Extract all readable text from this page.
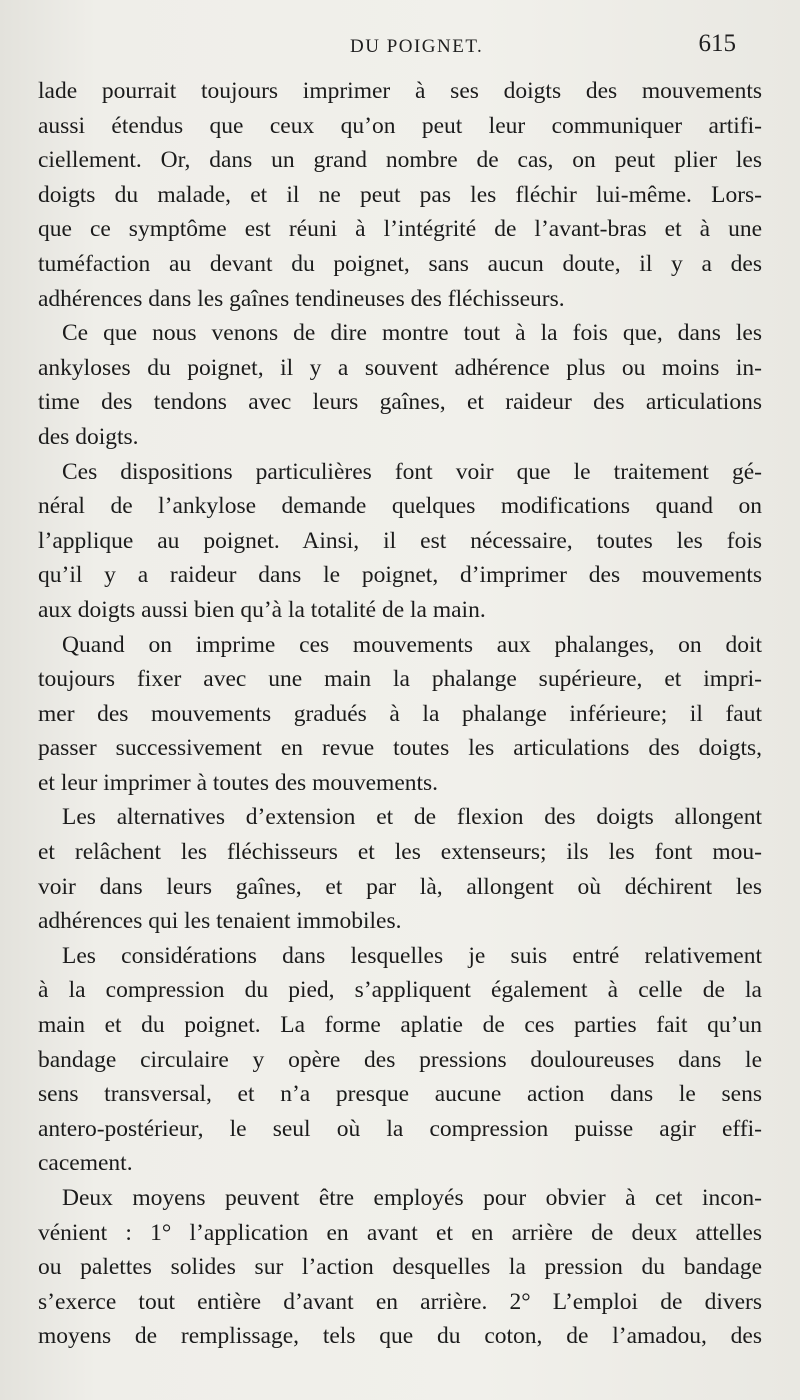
DU POIGNET.	615
lade pourrait toujours imprimer à ses doigts des mouvements
aussi étendus que ceux qu’on peut leur communiquer artifi-
ciellement. Or, dans un grand nombre de cas, on peut plier les
doigts du malade, et il ne peut pas les fléchir lui-même. Lors-
que ce symptôme est réuni à l’intégrité de l’avant-bras et à une
tuméfaction au devant du poignet, sans aucun doute, il y a des
adhérences dans les gaînes tendineuses des fléchisseurs.
Ce que nous venons de dire montre tout à la fois que, dans les
ankyloses du poignet, il y a souvent adhérence plus ou moins in-
time des tendons avec leurs gaînes, et raideur des articulations
des doigts.
Ces dispositions particulières font voir que le traitement gé-
néral de l’ankylose demande quelques modifications quand on
l’applique au poignet. Ainsi, il est nécessaire, toutes les fois
qu’il y a raideur dans le poignet, d’imprimer des mouvements
aux doigts aussi bien qu’à la totalité de la main.
Quand on imprime ces mouvements aux phalanges, on doit
toujours fixer avec une main la phalange supérieure, et impri-
mer des mouvements gradués à la phalange inférieure; il faut
passer successivement en revue toutes les articulations des doigts,
et leur imprimer à toutes des mouvements.
Les alternatives d’extension et de flexion des doigts allongent
et relâchent les fléchisseurs et les extenseurs; ils les font mou-
voir dans leurs gaînes, et par là, allongent où déchirent les
adhérences qui les tenaient immobiles.
Les considérations dans lesquelles je suis entré relativement
à la compression du pied, s’appliquent également à celle de la
main et du poignet. La forme aplatie de ces parties fait qu’un
bandage circulaire y opère des pressions douloureuses dans le
sens transversal, et n’a presque aucune action dans le sens
antero-postérieur, le seul où la compression puisse agir effi-
cacement.
Deux moyens peuvent être employés pour obvier à cet incon-
vénient : 1° l’application en avant et en arrière de deux attelles
ou palettes solides sur l’action desquelles la pression du bandage
s’exerce tout entière d’avant en arrière. 2° L’emploi de divers
moyens de remplissage, tels que du coton, de l’amadou, des
